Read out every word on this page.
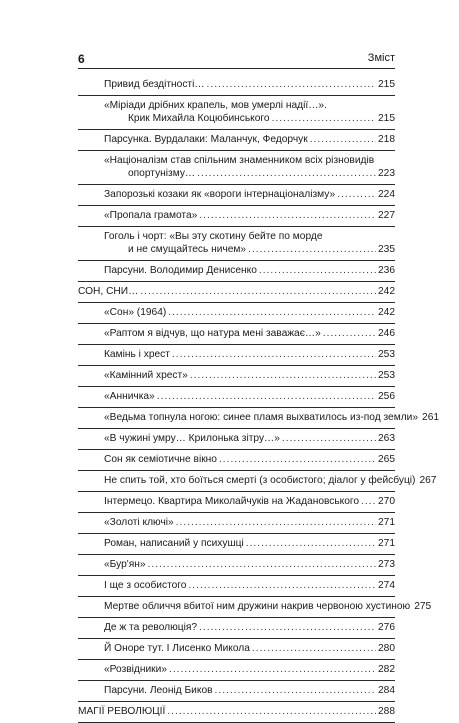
6	Зміст
Привид бездітності… .....	215
«Міріади дрібних крапель, мов умерлі надії…».
Крик Михайла Коцюбинського .....	215
Парсунка. Вурдалаки: Маланчук, Федорчук .....	218
«Націоналізм став спільним знаменником всіх різновидів
опортунізму… .....	223
Запорозькі козаки як «вороги інтернаціоналізму» .....	224
«Пропала грамота» .....	227
Гоголь і чорт: «Вы эту скотину бейте по морде
и не смущайтесь ничем» .....	235
Парсуни. Володимир Денисенко .....	236
СОН, СНИ… .....	242
«Сон» (1964) .....	242
«Раптом я відчув, що натура мені заважає…» .....	246
Камінь і хрест .....	253
«Камінний хрест» .....	253
«Анничка» .....	256
«Ведьма топнула ногою: синее пламя выхватилось из-под земли» 261
«В чужині умру… Крилонька зітру…» .....	263
Сон як семіотичне вікно .....	265
Не спить той, хто боїться смерті (з особистого; діалог у фейсбуці) 267
Інтермецо. Квартира Миколайчуків на Жадановського ..... 270
«Золоті ключі» .....	271
Роман, написаний у психушці .....	271
«Бур'ян» .....	273
І ще з особистого .....	274
Мертве обличчя вбитої ним дружини накрив червоною хустиною 275
Де ж та революція? .....	276
Й Оноре тут. І Лисенко Микола .....	280
«Розвідники» .....	282
Парсуни. Леонід Биков .....	284
МАГІЇ РЕВОЛЮЦІЇ .....	288
